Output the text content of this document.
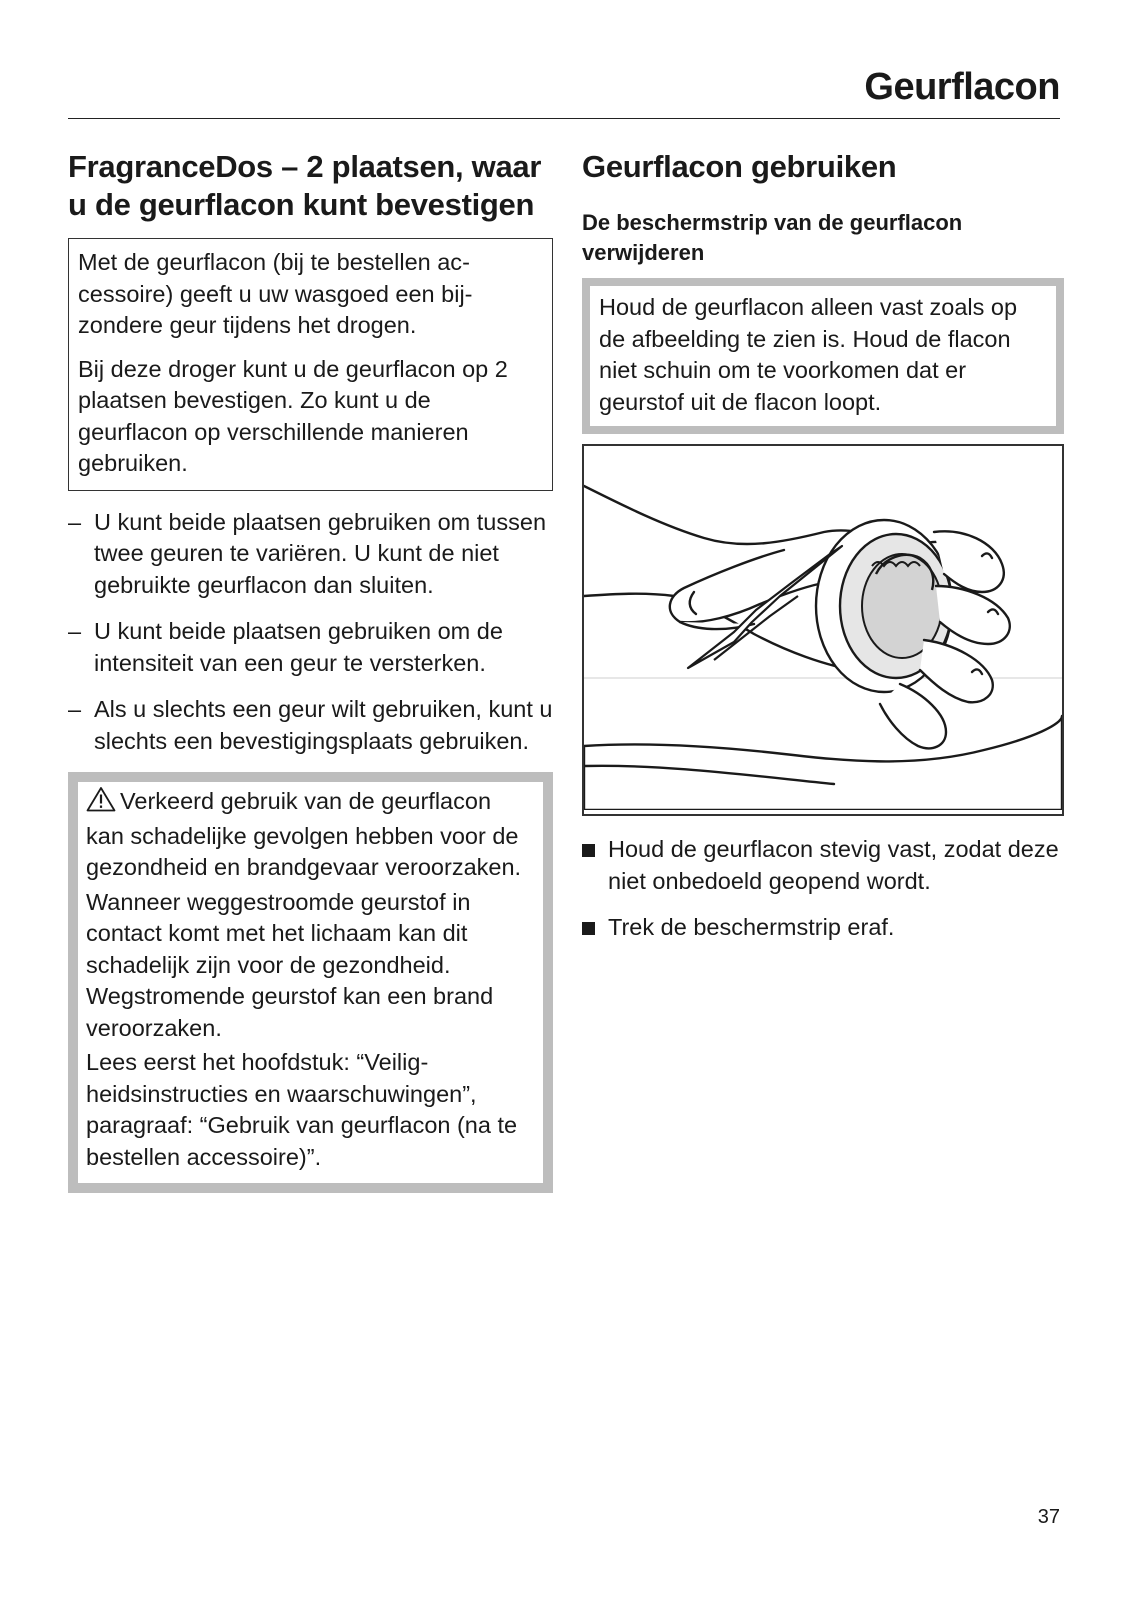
Geurflacon
FragranceDos – 2 plaatsen, waar u de geurflacon kunt bevestigen

Met de geurflacon (bij te bestellen accessoire) geeft u uw wasgoed een bijzondere geur tijdens het drogen.

Bij deze droger kunt u de geurflacon op 2 plaatsen bevestigen. Zo kunt u de geurflacon op verschillende manieren gebruiken.

– U kunt beide plaatsen gebruiken om tussen twee geuren te variëren. U kunt de niet gebruikte geurflacon dan sluiten.
– U kunt beide plaatsen gebruiken om de intensiteit van een geur te versterken.
– Als u slechts een geur wilt gebruiken, kunt u slechts een bevestigingsplaats gebruiken.

Verkeerd gebruik van de geurflacon kan schadelijke gevolgen hebben voor de gezondheid en brandgevaar veroorzaken.

Wanneer weggestroomde geurstof in contact komt met het lichaam kan dit schadelijk zijn voor de gezondheid. Wegstromende geurstof kan een brand veroorzaken.

Lees eerst het hoofdstuk: “Veiligheidsinstructies en waarschuwingen”, paragraaf: “Gebruik van geurflacon (na te bestellen accessoire)”.

Geurflacon gebruiken
De beschermstrip van de geurflacon verwijderen

Houd de geurflacon alleen vast zoals op de afbeelding te zien is. Houd de flacon niet schuin om te voorkomen dat er geurstof uit de flacon loopt.

Houd de geurflacon stevig vast, zodat deze niet onbedoeld geopend wordt.
Trek de beschermstrip eraf.
37
